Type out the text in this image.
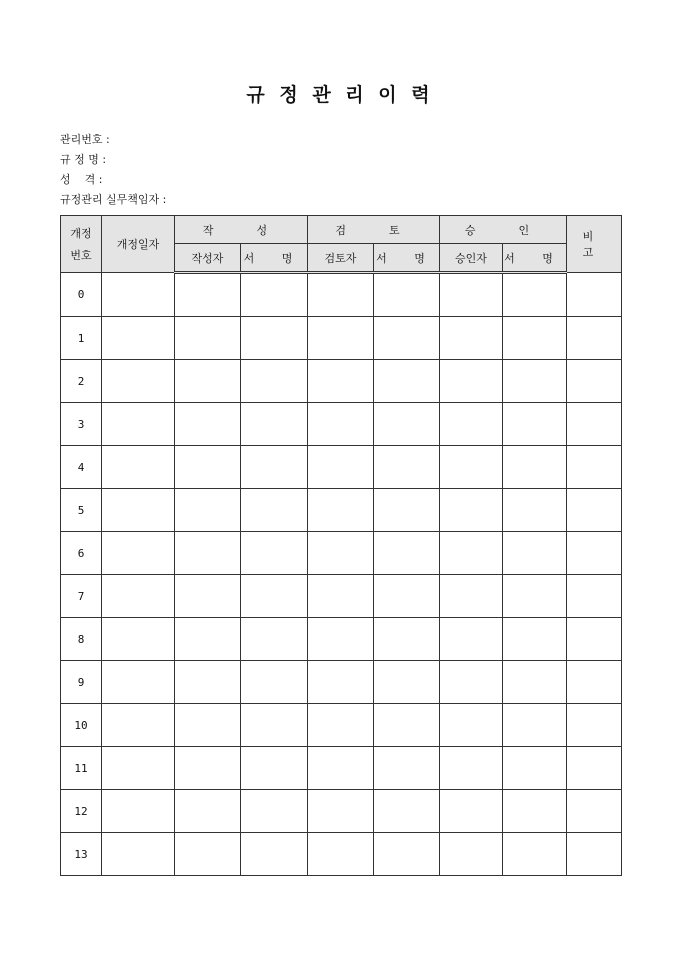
규 정 관 리 이 력
관리번호 :
규 정 명 :
성    격 :
규정관리 실무책임자 :
개정
번호	개정일자	작  성		검  토		승  인		비 고
		작성자	서 명	검토자	서 명	승인자	서 명	
0								
1								
2								
3								
4								
5								
6								
7								
8								
9								
10								
11								
12								
13								
